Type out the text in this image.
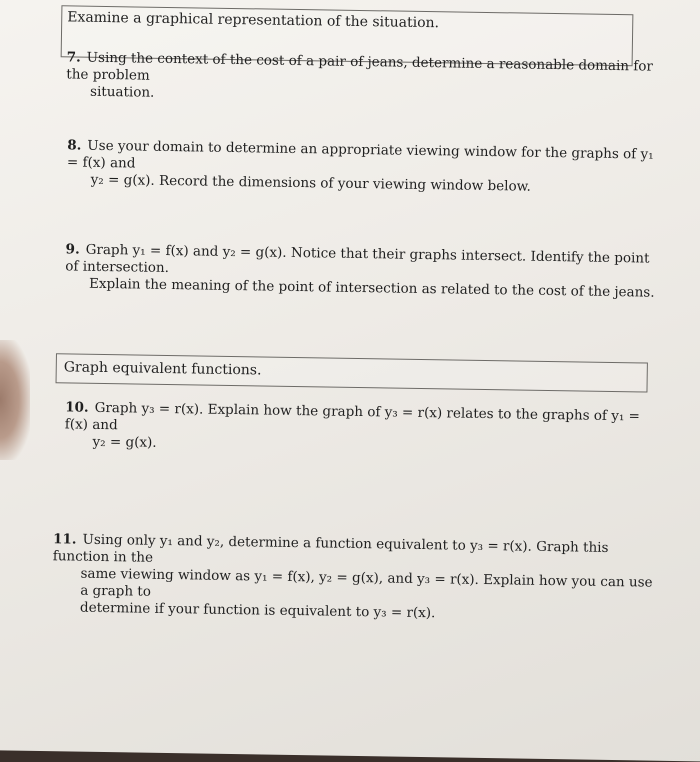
Examine a graphical representation of the situation.
7. Using the context of the cost of a pair of jeans, determine a reasonable domain for the problem
situation.
8. Use your domain to determine an appropriate viewing window for the graphs of y₁ = f(x) and
y₂ = g(x). Record the dimensions of your viewing window below.
9. Graph y₁ = f(x) and y₂ = g(x). Notice that their graphs intersect. Identify the point of intersection.
Explain the meaning of the point of intersection as related to the cost of the jeans.
Graph equivalent functions.
10. Graph y₃ = r(x). Explain how the graph of y₃ = r(x) relates to the graphs of y₁ = f(x) and
y₂ = g(x).
11. Using only y₁ and y₂, determine a function equivalent to y₃ = r(x). Graph this function in the
same viewing window as y₁ = f(x), y₂ = g(x), and y₃ = r(x). Explain how you can use a graph to
determine if your function is equivalent to y₃ = r(x).
